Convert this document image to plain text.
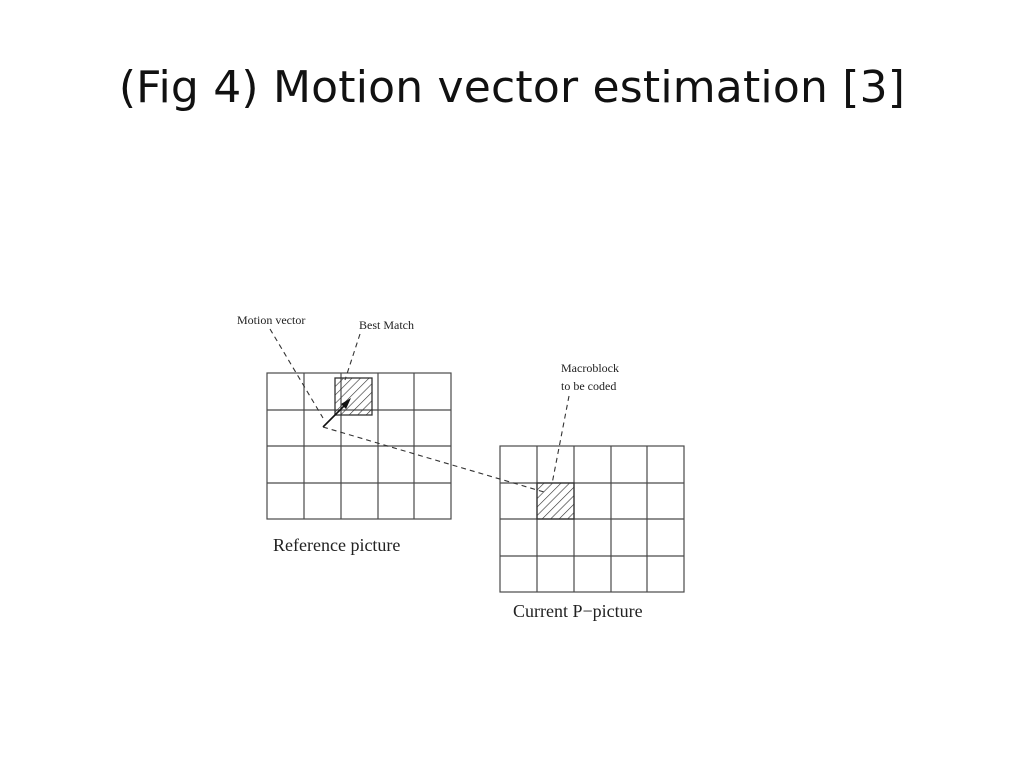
(Fig 4) Motion vector estimation [3]
Motion vector	Best Match
Macroblock
to be coded
Reference picture
Current P−picture
